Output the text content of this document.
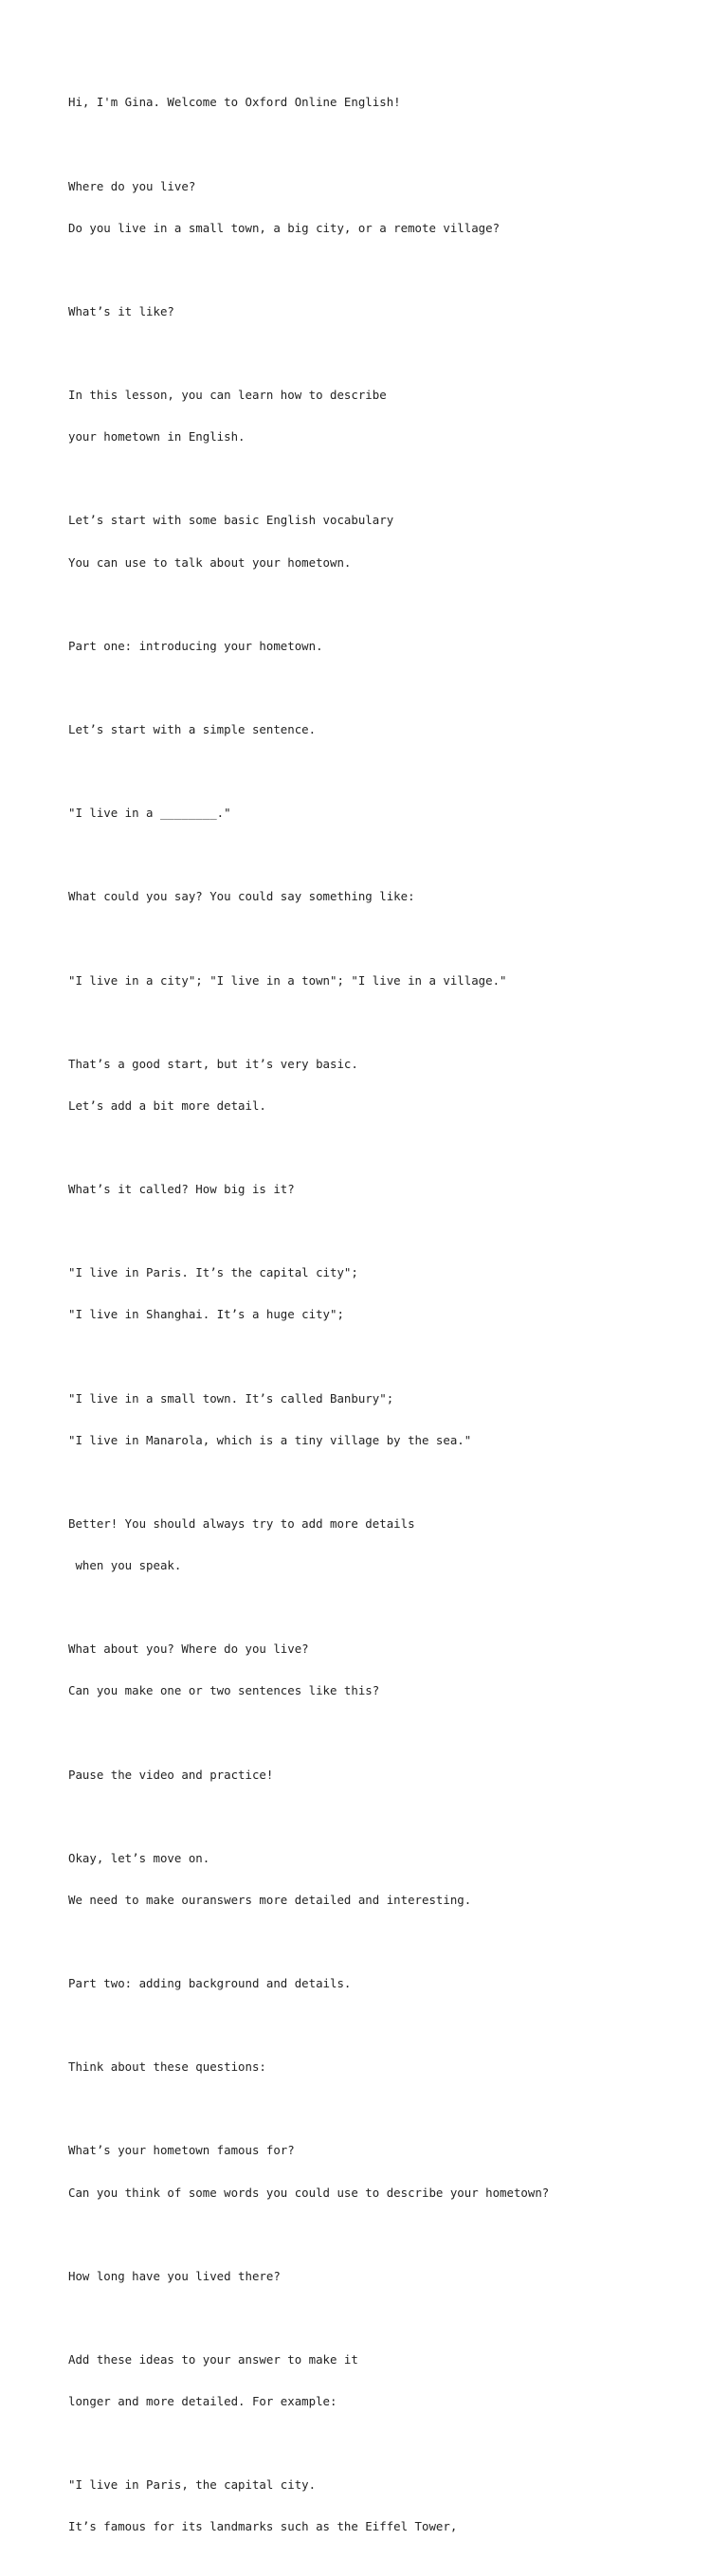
Hi, I'm Gina. Welcome to Oxford Online English!

Where do you live?

Do you live in a small town, a big city, or a remote village?

What’s it like?

In this lesson, you can learn how to describe

your hometown in English.

Let’s start with some basic English vocabulary

You can use to talk about your hometown.

Part one: introducing your hometown.

Let’s start with a simple sentence.

"I live in a ________."

What could you say? You could say something like:

"I live in a city"; "I live in a town"; "I live in a village."

That’s a good start, but it’s very basic.

Let’s add a bit more detail.

What’s it called? How big is it?

"I live in Paris. It’s the capital city";

"I live in Shanghai. It’s a huge city";

"I live in a small town. It’s called Banbury";

"I live in Manarola, which is a tiny village by the sea."

Better! You should always try to add more details

when you speak.

What about you? Where do you live?

Can you make one or two sentences like this?

Pause the video and practice!

Okay, let’s move on.

We need to make ouranswers more detailed and interesting.

Part two: adding background and details.

Think about these questions:

What’s your hometown famous for?

Can you think of some words you could use to describe your hometown?

How long have you lived there?

Add these ideas to your answer to make it

longer and more detailed. For example:

"I live in Paris, the capital city.

It’s famous for its landmarks such as the Eiffel Tower,
